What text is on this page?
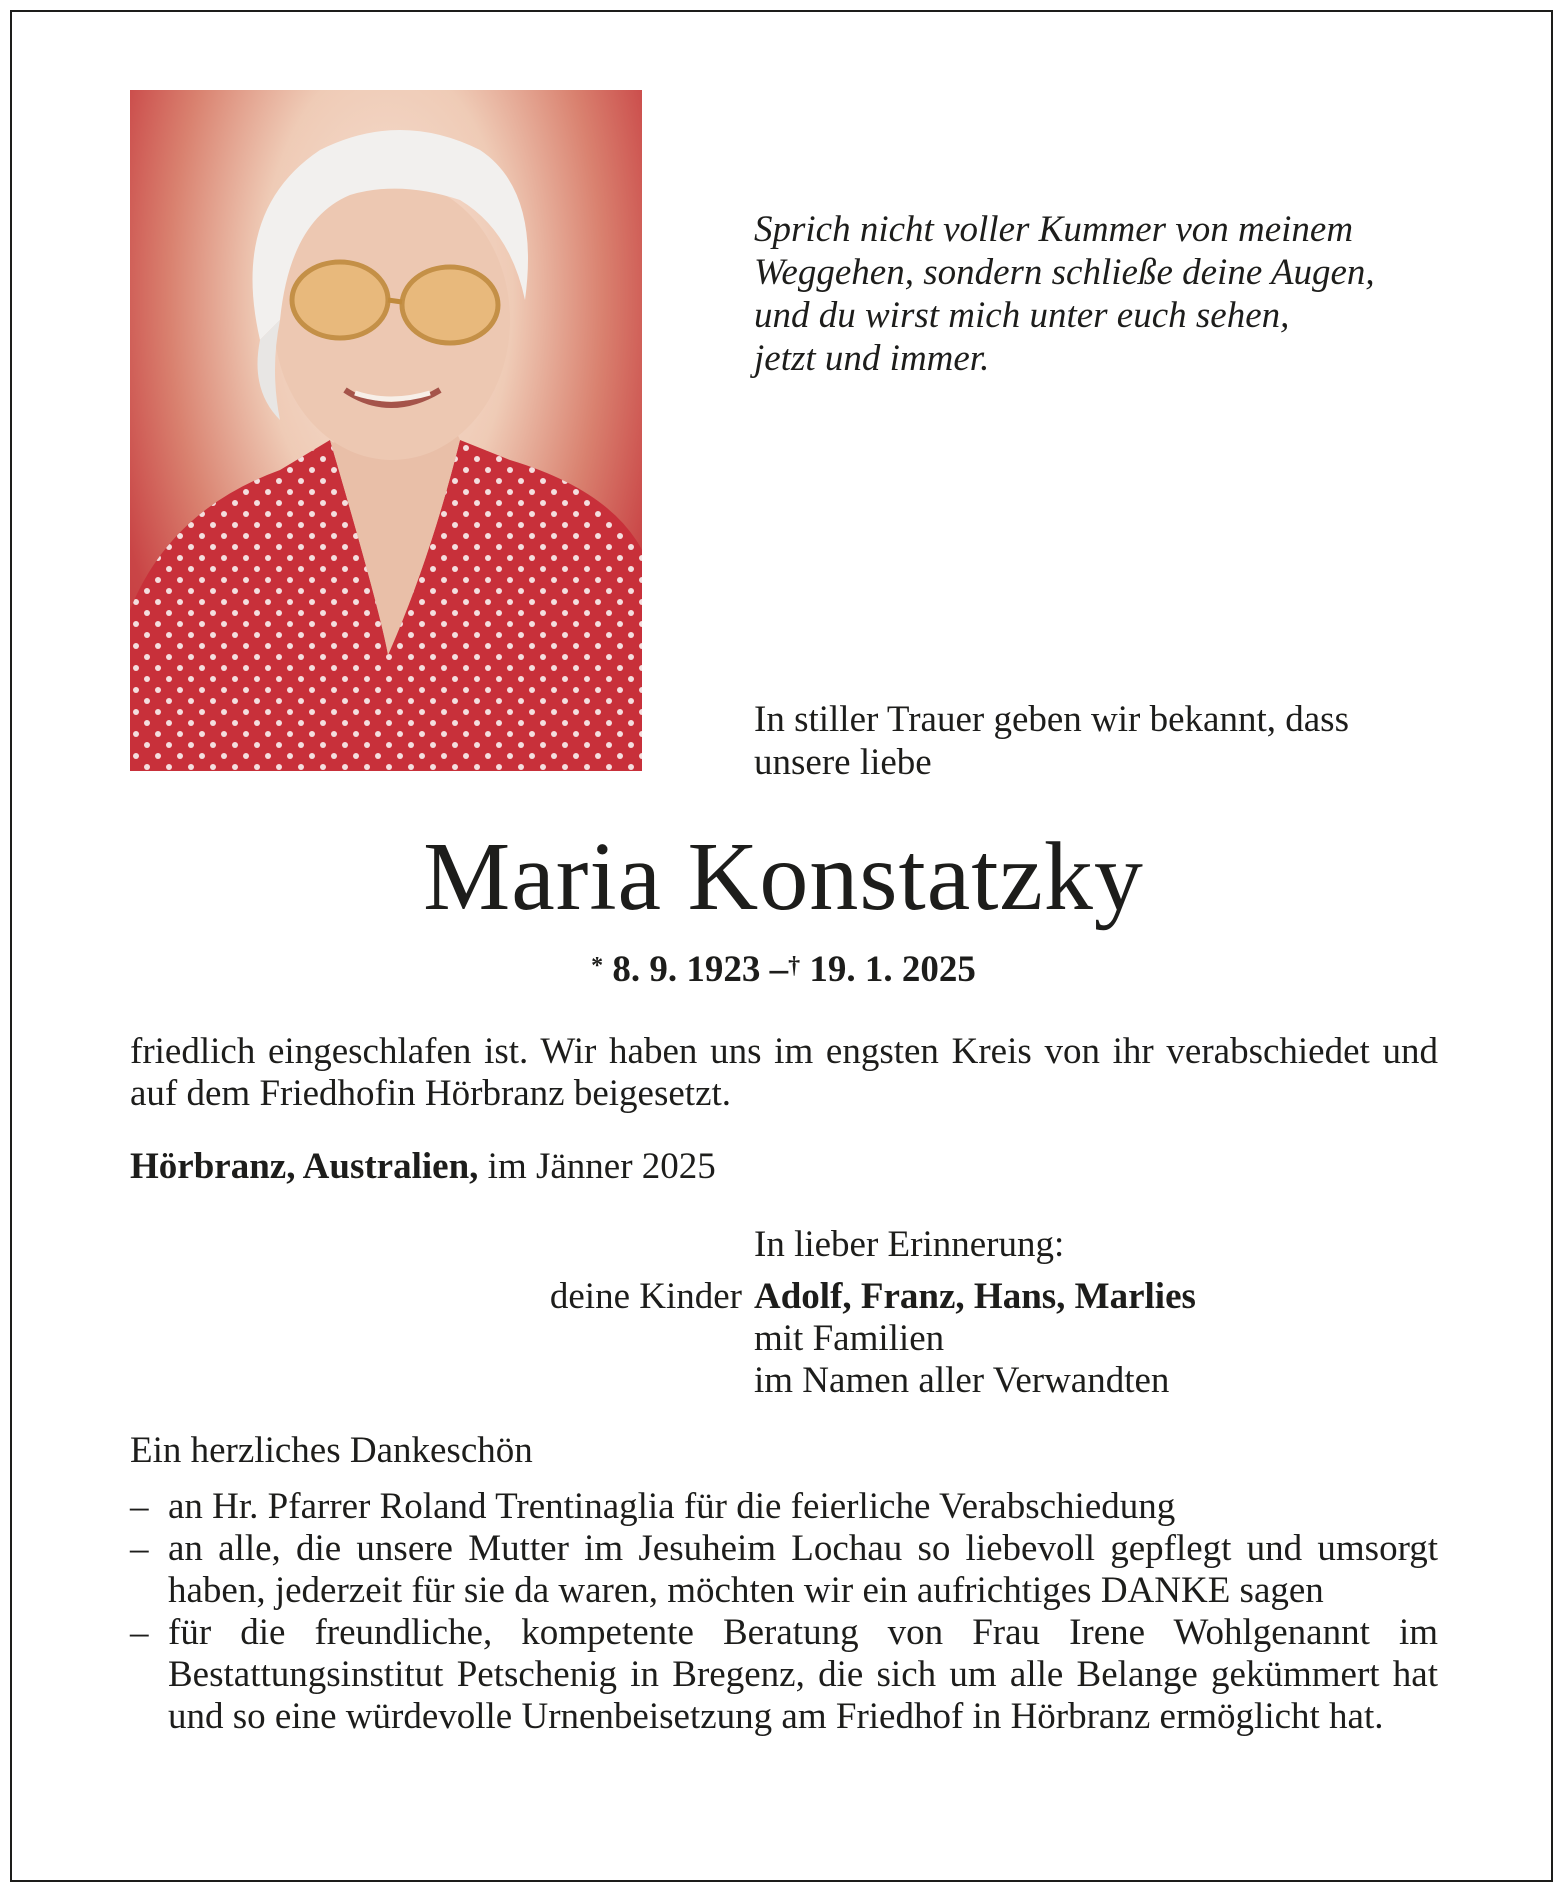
Sprich nicht voller Kummer von meinem
Weggehen, sondern schließe deine Augen,
und du wirst mich unter euch sehen,
jetzt und immer.
In stiller Trauer geben wir bekannt, dass
unsere liebe
Maria Konstatzky
* 8. 9. 1923 –† 19. 1. 2025
friedlich eingeschlafen ist. Wir haben uns im engsten Kreis von ihr verabschiedet und auf dem Friedhofin Hörbranz beigesetzt.
Hörbranz, Australien, im Jänner 2025
In lieber Erinnerung:
deine Kinder Adolf, Franz, Hans, Marlies
mit Familien
im Namen aller Verwandten
Ein herzliches Dankeschön
– an Hr. Pfarrer Roland Trentinaglia für die feierliche Verabschiedung
– an alle, die unsere Mutter im Jesuheim Lochau so liebevoll gepflegt und umsorgt haben, jederzeit für sie da waren, möchten wir ein aufrichtiges DANKE sagen
– für die freundliche, kompetente Beratung von Frau Irene Wohlgenannt im Bestattungsinstitut Petschenig in Bregenz, die sich um alle Belange gekümmert hat und so eine würdevolle Urnenbeisetzung am Friedhof in Hörbranz ermöglicht hat.
